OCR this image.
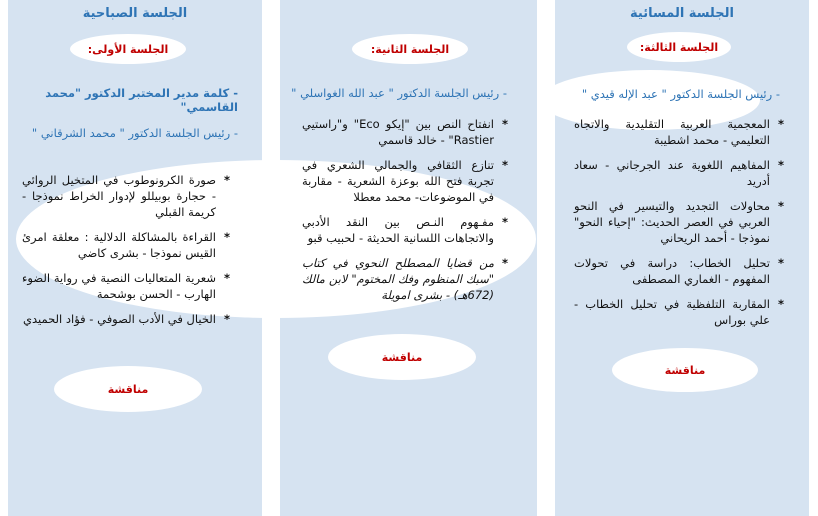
الجلسة الصباحية
الجلسة الأولى:
- كلمة مدير المختبر الدكتور "محمد القاسمي"
- رئيس الجلسة الدكتور " محمد الشرقاني "
الجلسة الثانية:
- رئيس الجلسة الدكتور " عبد الله الغواسلي "
الجلسة المسائية
الجلسة الثالثة:
- رئيس الجلسة الدكتور " عبد الإله قيدي "
* صورة الكرونوطوب في المتخيل الروائي - حجارة بوبيللو لإدوار الخراط نموذجا - كريمة القبلي
* القراءة بالمشاكلة الدلالية : معلقة امرئ القيس نموذجا - بشرى كاضي
* شعرية المتعاليات النصية في رواية الضوء الهارب - الحسن بوشحمة
* الخيال في الأدب الصوفي - فؤاد الحميدي
* انفتاح النص بين "إيكو Eco" و"راستيي Rastier" - خالد قاسمي
* تنازع الثقافي والجمالي الشعري في تجربة فتح الله بوعزة الشعرية - مقاربة في الموضوعات- محمد معطلا
* مفـهوم النـص بين النقد الأدبي والاتجاهات اللسانية الحديثة - لحبيب قبو
* من قضايا المصطلح النحوي في كتاب "سبك المنظوم وفك المختوم" لابن مالك (672هـ) - بشرى امويلة
* المعجمية العربية التقليدية والاتجاه التعليمي - محمد اشطيبة
* المفاهيم اللغوية عند الجرجاني - سعاد أدريد
* محاولات التجديد والتيسير في النحو العربي في العصر الحديث: "إحياء النحو" نموذجا - أحمد الريحاني
* تحليل الخطاب: دراسة في تحولات المفهوم - الغماري المصطفى
* المقاربة التلفظية في تحليل الخطاب - علي بوراس
مناقشة
مناقشة
مناقشة
